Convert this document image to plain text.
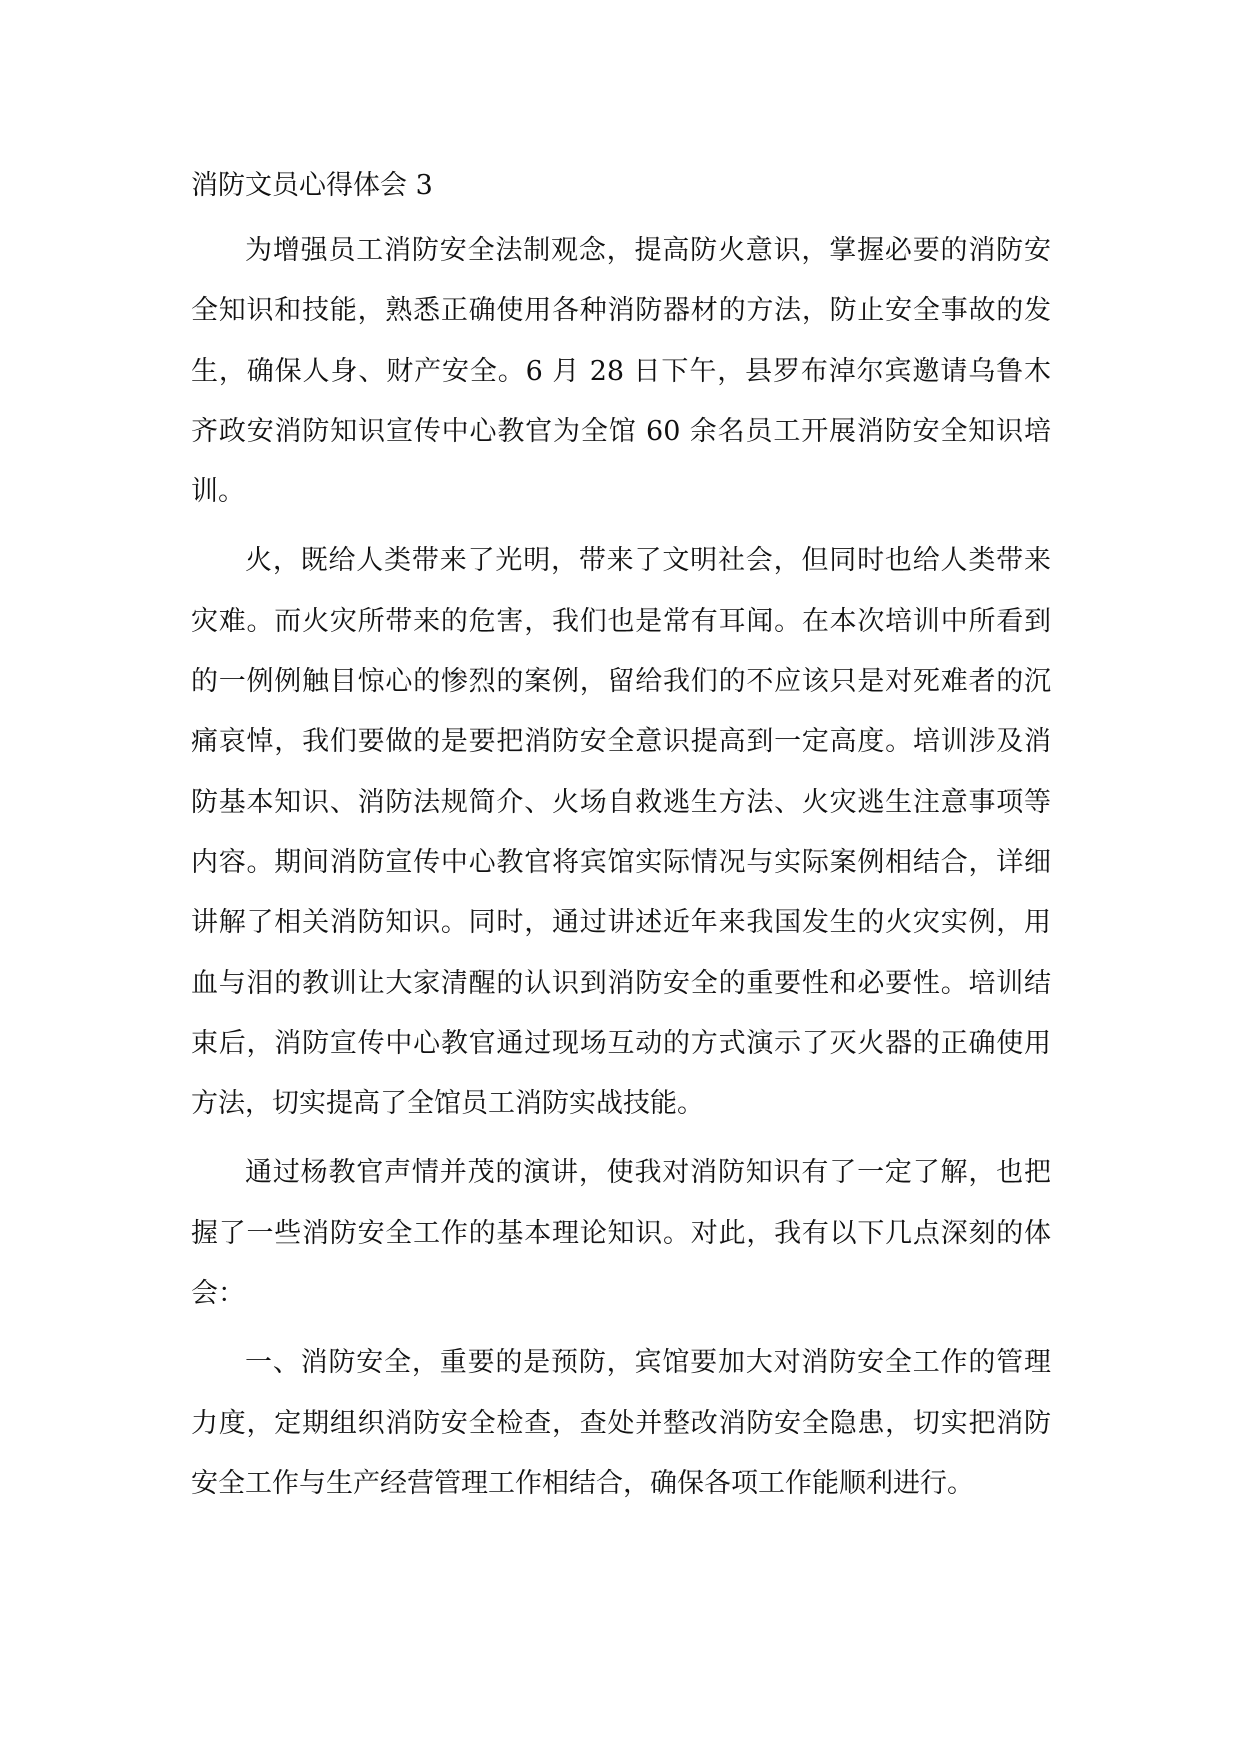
消防文员心得体会 3

为增强员工消防安全法制观念，提高防火意识，掌握必要的消防安全知识和技能，熟悉正确使用各种消防器材的方法，防止安全事故的发生，确保人身、财产安全。6 月 28 日下午，县罗布淖尔宾邀请乌鲁木齐政安消防知识宣传中心教官为全馆 60 余名员工开展消防安全知识培训。

火，既给人类带来了光明，带来了文明社会，但同时也给人类带来灾难。而火灾所带来的危害，我们也是常有耳闻。在本次培训中所看到的一例例触目惊心的惨烈的案例，留给我们的不应该只是对死难者的沉痛哀悼，我们要做的是要把消防安全意识提高到一定高度。培训涉及消防基本知识、消防法规简介、火场自救逃生方法、火灾逃生注意事项等内容。期间消防宣传中心教官将宾馆实际情况与实际案例相结合，详细讲解了相关消防知识。同时，通过讲述近年来我国发生的火灾实例，用血与泪的教训让大家清醒的认识到消防安全的重要性和必要性。培训结束后，消防宣传中心教官通过现场互动的方式演示了灭火器的正确使用方法，切实提高了全馆员工消防实战技能。

通过杨教官声情并茂的演讲，使我对消防知识有了一定了解，也把握了一些消防安全工作的基本理论知识。对此，我有以下几点深刻的体会：

一、消防安全，重要的是预防，宾馆要加大对消防安全工作的管理力度，定期组织消防安全检查，查处并整改消防安全隐患，切实把消防安全工作与生产经营管理工作相结合，确保各项工作能顺利进行。
